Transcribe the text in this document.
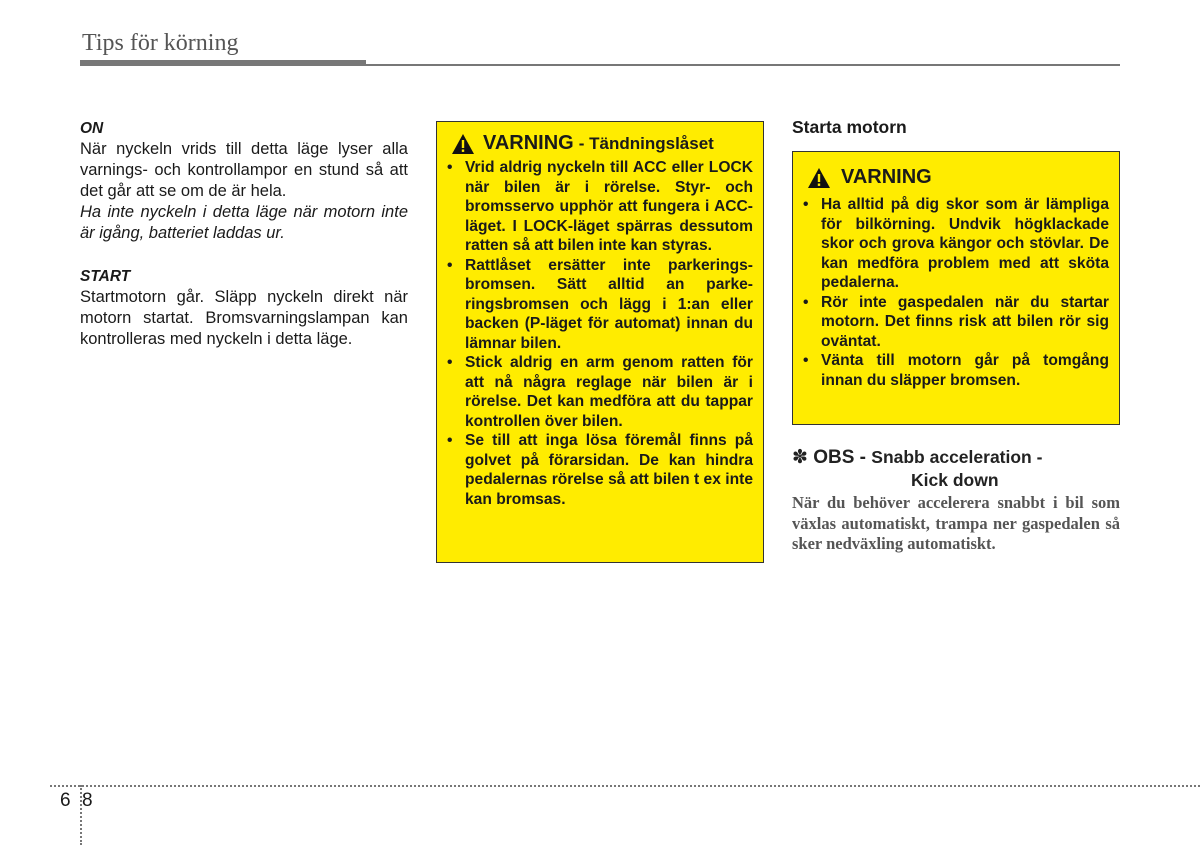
Tips för körning

ON

När nyckeln vrids till detta läge lyser alla varnings- och kontrollampor en stund så att det går att se om de är hela.

Ha inte nyckeln i detta läge när motorn inte är igång, batteriet laddas ur.

START

Startmotorn går. Släpp nyckeln direkt när motorn startat. Bromsvarningslampan kan kontrolleras med nyckeln i detta läge.

VARNING - Tändningslåset
• Vrid aldrig nyckeln till ACC eller LOCK när bilen är i rörelse. Styr- och bromsservo upphör att fungera i ACC-läget. I LOCK-läget spärras dessutom ratten så att bilen inte kan styras.
• Rattlåset ersätter inte parkerings-bromsen. Sätt alltid an parke-ringsbromsen och lägg i 1:an eller backen (P-läget för automat) innan du lämnar bilen.
• Stick aldrig en arm genom ratten för att nå några reglage när bilen är i rörelse. Det kan medföra att du tappar kontrollen över bilen.
• Se till att inga lösa föremål finns på golvet på förarsidan. De kan hindra pedalernas rörelse så att bilen t ex inte kan bromsas.
Starta motorn
VARNING
• Ha alltid på dig skor som är lämpliga för bilkörning. Undvik högklackade skor och grova kängor och stövlar. De kan medföra problem med att sköta pedalerna.
• Rör inte gaspedalen när du startar motorn. Det finns risk att bilen rör sig oväntat.
• Vänta till motorn går på tomgång innan du släpper bromsen.
✽ OBS - Snabb acceleration -
Kick down
När du behöver accelerera snabbt i bil som växlas automatiskt, trampa ner gaspedalen så sker nedväxling automatiskt.
6 8
